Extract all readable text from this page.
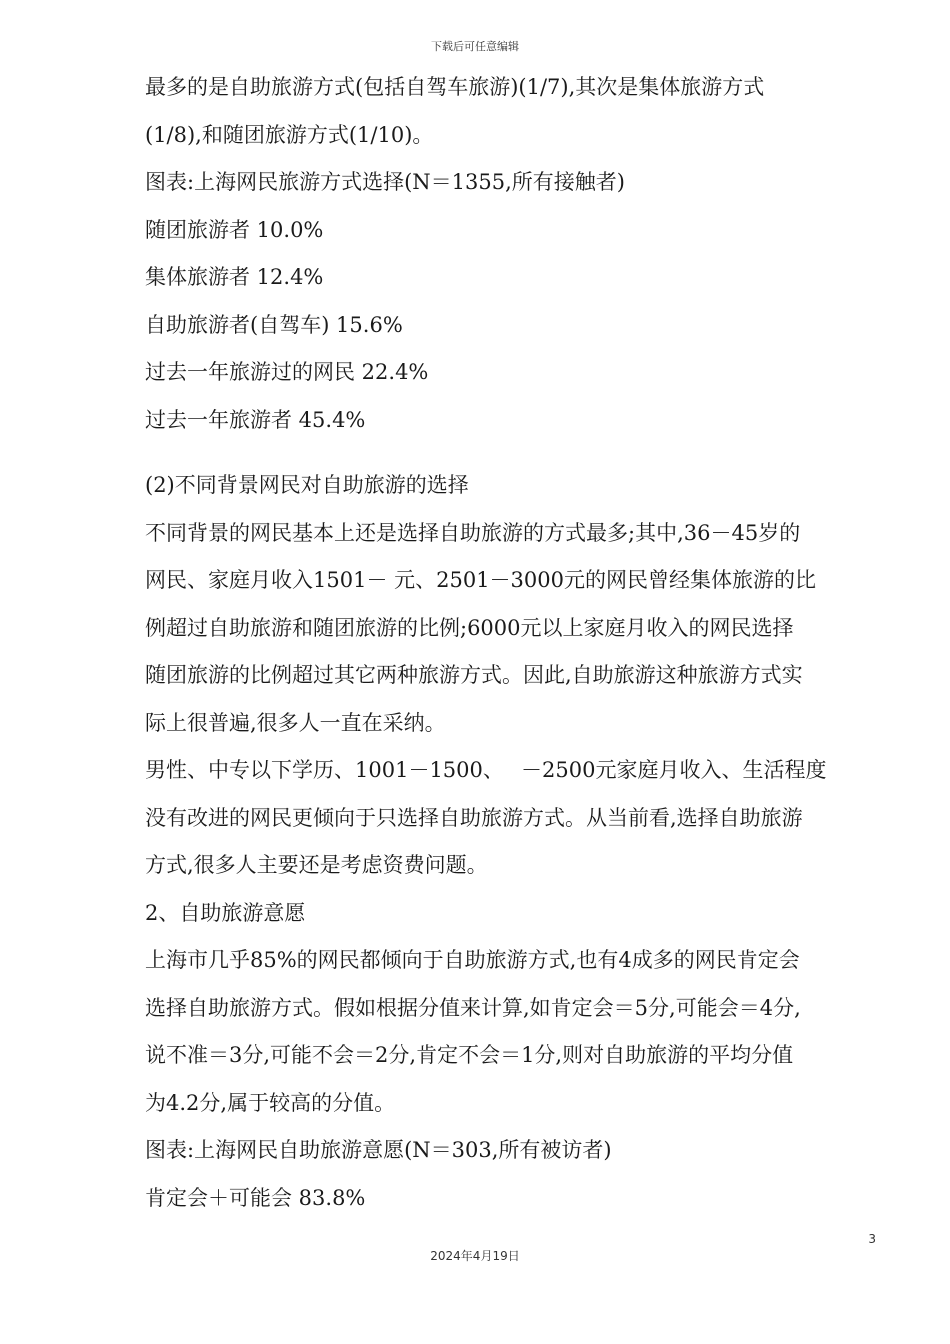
下载后可任意编辑
最多的是自助旅游方式(包括自驾车旅游)(1/7),其次是集体旅游方式
(1/8),和随团旅游方式(1/10)。
图表:上海网民旅游方式选择(N＝1355,所有接触者)
随团旅游者 10.0%
集体旅游者 12.4%
自助旅游者(自驾车) 15.6%
过去一年旅游过的网民 22.4%
过去一年旅游者 45.4%
(2)不同背景网民对自助旅游的选择
不同背景的网民基本上还是选择自助旅游的方式最多;其中,36－45岁的
网民、家庭月收入1501－ 元、2501－3000元的网民曾经集体旅游的比
例超过自助旅游和随团旅游的比例;6000元以上家庭月收入的网民选择
随团旅游的比例超过其它两种旅游方式。因此,自助旅游这种旅游方式实
际上很普遍,很多人一直在采纳。
男性、中专以下学历、1001－1500、　 －2500元家庭月收入、生活程度
没有改进的网民更倾向于只选择自助旅游方式。从当前看,选择自助旅游
方式,很多人主要还是考虑资费问题。
2、自助旅游意愿
上海市几乎85%的网民都倾向于自助旅游方式,也有4成多的网民肯定会
选择自助旅游方式。假如根据分值来计算,如肯定会＝5分,可能会＝4分,
说不准＝3分,可能不会＝2分,肯定不会＝1分,则对自助旅游的平均分值
为4.2分,属于较高的分值。
图表:上海网民自助旅游意愿(N＝303,所有被访者)
肯定会＋可能会 83.8%
3
2024年4月19日
